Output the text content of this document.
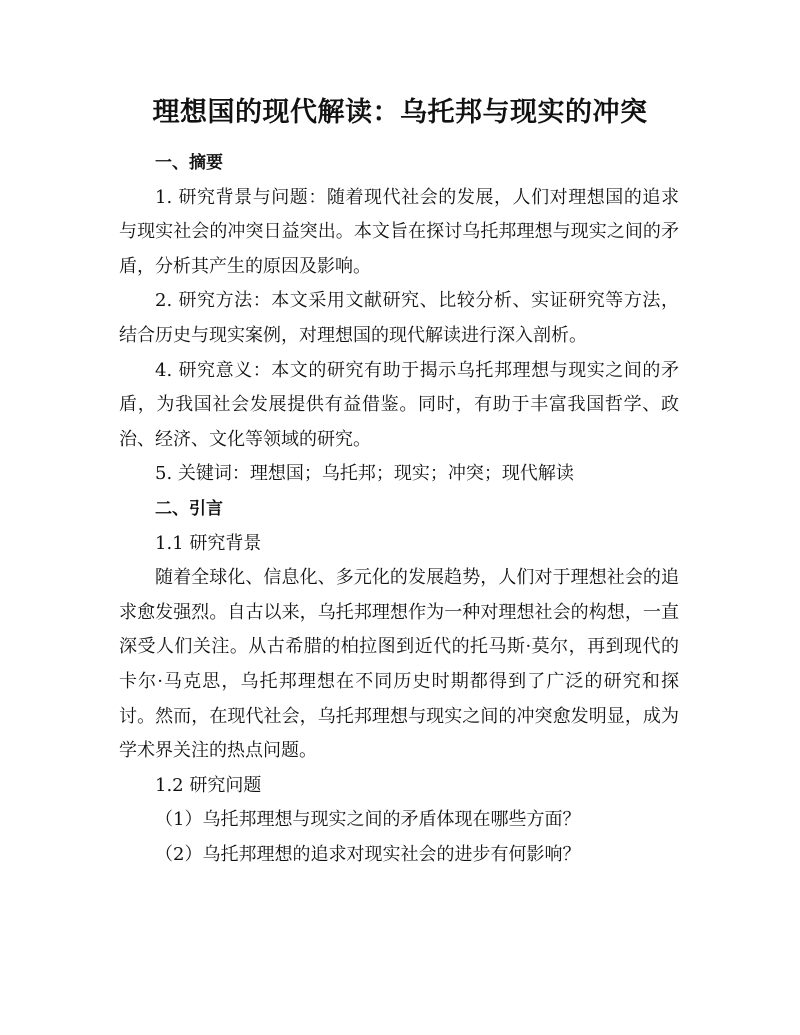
理想国的现代解读：乌托邦与现实的冲突

一、摘要

1. 研究背景与问题：随着现代社会的发展，人们对理想国的追求与现实社会的冲突日益突出。本文旨在探讨乌托邦理想与现实之间的矛盾，分析其产生的原因及影响。

2. 研究方法：本文采用文献研究、比较分析、实证研究等方法，结合历史与现实案例，对理想国的现代解读进行深入剖析。

4. 研究意义：本文的研究有助于揭示乌托邦理想与现实之间的矛盾，为我国社会发展提供有益借鉴。同时，有助于丰富我国哲学、政治、经济、文化等领域的研究。

5. 关键词：理想国；乌托邦；现实；冲突；现代解读

二、引言

1.1 研究背景

随着全球化、信息化、多元化的发展趋势，人们对于理想社会的追求愈发强烈。自古以来，乌托邦理想作为一种对理想社会的构想，一直深受人们关注。从古希腊的柏拉图到近代的托马斯·莫尔，再到现代的卡尔·马克思，乌托邦理想在不同历史时期都得到了广泛的研究和探讨。然而，在现代社会，乌托邦理想与现实之间的冲突愈发明显，成为学术界关注的热点问题。

1.2 研究问题

（1）乌托邦理想与现实之间的矛盾体现在哪些方面？

（2）乌托邦理想的追求对现实社会的进步有何影响？
